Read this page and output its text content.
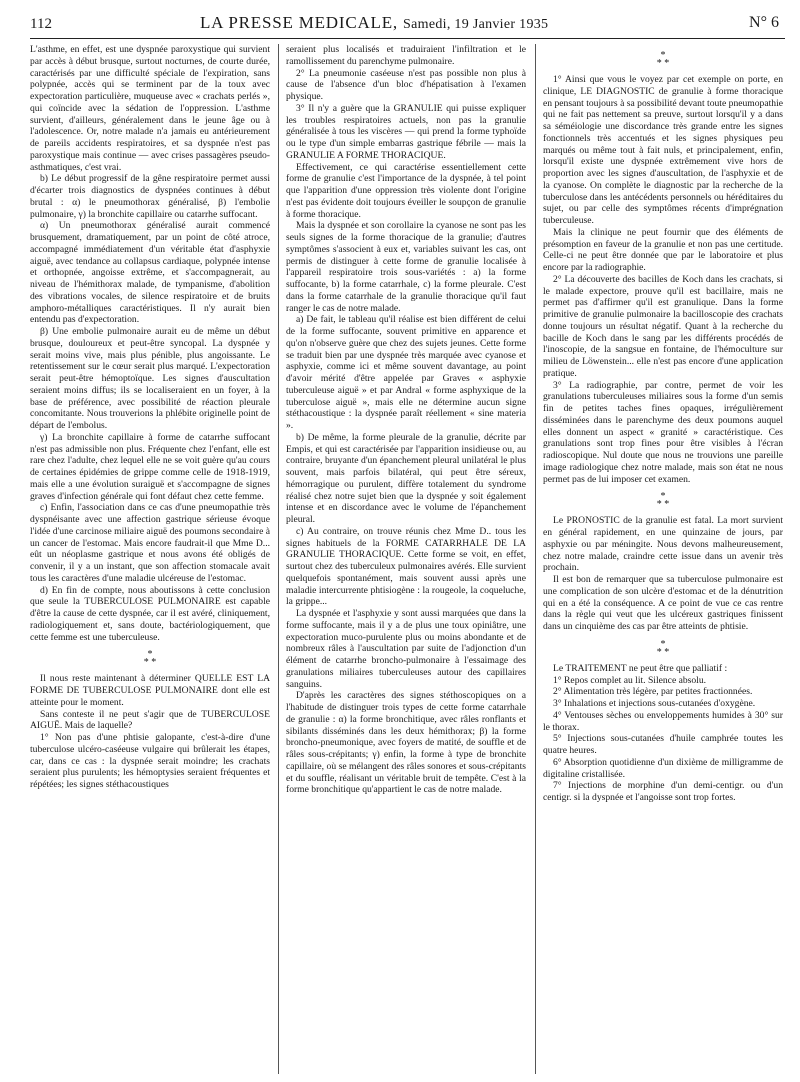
112	LA PRESSE MEDICALE, Samedi, 19 Janvier 1935	N° 6

L'asthme, en effet, est une dyspnée paroxystique qui survient par accès à début brusque, surtout nocturnes, de courte durée, caractérisés par une difficulté spéciale de l'expiration, sans polypnée, accès qui se terminent par de la toux avec expectoration particulière, muqueuse avec « crachats perlés », qui coïncide avec la sédation de l'oppression. L'asthme survient, d'ailleurs, généralement dans le jeune âge ou à l'adolescence. Or, notre malade n'a jamais eu antérieurement de pareils accidents respiratoires, et sa dyspnée n'est pas paroxystique mais continue — avec crises passagères pseudo-asthmatiques, c'est vrai.

b) Le début progressif de la gêne respiratoire permet aussi d'écarter trois diagnostics de dyspnées continues à début brutal : α) le pneumothorax généralisé, β) l'embolie pulmonaire, γ) la bronchite capillaire ou catarrhe suffocant.

α) Un pneumothorax généralisé aurait commencé brusquement, dramatiquement, par un point de côté atroce, accompagné immédiatement d'un véritable état d'asphyxie aiguë, avec tendance au collapsus cardiaque, polypnée intense et orthopnée, angoisse extrême, et s'accompagnerait, au niveau de l'hémithorax malade, de tympanisme, d'abolition des vibrations vocales, de silence respiratoire et de bruits amphoro-métalliques caractéristiques. Il n'y aurait bien entendu pas d'expectoration.

β) Une embolie pulmonaire aurait eu de même un début brusque, douloureux et peut-être syncopal. La dyspnée y serait moins vive, mais plus pénible, plus angoissante. Le retentissement sur le cœur serait plus marqué. L'expectoration serait peut-être hémoptoïque. Les signes d'auscultation seraient moins diffus; ils se localiseraient en un foyer, à la base de préférence, avec possibilité de réaction pleurale concomitante. Nous trouverions la phlébite originelle point de départ de l'embolus.

γ) La bronchite capillaire à forme de catarrhe suffocant n'est pas admissible non plus. Fréquente chez l'enfant, elle est rare chez l'adulte, chez lequel elle ne se voit guère qu'au cours de certaines épidémies de grippe comme celle de 1918-1919, mais elle a une évolution suraiguë et s'accompagne de signes graves d'infection générale qui font défaut chez cette femme.

c) Enfin, l'association dans ce cas d'une pneumopathie très dyspnéisante avec une affection gastrique sérieuse évoque l'idée d'une carcinose miliaire aiguë des poumons secondaire à un cancer de l'estomac. Mais encore faudrait-il que Mme D... eût un néoplasme gastrique et nous avons été obligés de convenir, il y a un instant, que son affection stomacale avait tous les caractères d'une maladie ulcéreuse de l'estomac.

d) En fin de compte, nous aboutissons à cette conclusion que seule la TUBERCULOSE PULMONAIRE est capable d'être la cause de cette dyspnée, car il est avéré, cliniquement, radiologiquement et, sans doute, bactériologiquement, que cette femme est une tuberculeuse.

*
* *

Il nous reste maintenant à déterminer QUELLE EST LA FORME DE TUBERCULOSE PULMONAIRE dont elle est atteinte pour le moment.

Sans conteste il ne peut s'agir que de TUBERCULOSE AIGUË. Mais de laquelle?

1° Non pas d'une phtisie galopante, c'est-à-dire d'une tuberculose ulcéro-caséeuse vulgaire qui brûlerait les étapes, car, dans ce cas : la dyspnée serait moindre; les crachats seraient plus purulents; les hémoptysies seraient fréquentes et répétées; les signes stéthacoustiques

seraient plus localisés et traduiraient l'infiltration et le ramollissement du parenchyme pulmonaire.

2° La pneumonie caséeuse n'est pas possible non plus à cause de l'absence d'un bloc d'hépatisation à l'examen physique.

3° Il n'y a guère que la GRANULIE qui puisse expliquer les troubles respiratoires actuels, non pas la granulie généralisée à tous les viscères — qui prend la forme typhoïde ou le type d'un simple embarras gastrique fébrile — mais la GRANULIE A FORME THORACIQUE.

Effectivement, ce qui caractérise essentiellement cette forme de granulie c'est l'importance de la dyspnée, à tel point que l'apparition d'une oppression très violente dont l'origine n'est pas évidente doit toujours éveiller le soupçon de granulie à forme thoracique.

Mais la dyspnée et son corollaire la cyanose ne sont pas les seuls signes de la forme thoracique de la granulie; d'autres symptômes s'associent à eux et, variables suivant les cas, ont permis de distinguer à cette forme de granulie localisée à l'appareil respiratoire trois sous-variétés : a) la forme suffocante, b) la forme catarrhale, c) la forme pleurale. C'est dans la forme catarrhale de la granulie thoracique qu'il faut ranger le cas de notre malade.

a) De fait, le tableau qu'il réalise est bien différent de celui de la forme suffocante, souvent primitive en apparence et qu'on n'observe guère que chez des sujets jeunes. Cette forme se traduit bien par une dyspnée très marquée avec cyanose et asphyxie, comme ici et même souvent davantage, au point d'avoir mérité d'être appelée par Graves « asphyxie tuberculeuse aiguë » et par Andral « forme asphyxique de la tuberculose aiguë », mais elle ne détermine aucun signe stéthacoustique : la dyspnée paraît réellement « sine materia ».

b) De même, la forme pleurale de la granulie, décrite par Empis, et qui est caractérisée par l'apparition insidieuse ou, au contraire, bruyante d'un épanchement pleural unilatéral le plus souvent, mais parfois bilatéral, qui peut être séreux, hémorragique ou purulent, diffère totalement du syndrome réalisé chez notre sujet bien que la dyspnée y soit également intense et en discordance avec le volume de l'épanchement pleural.

c) Au contraire, on trouve réunis chez Mme D.. tous les signes habituels de la FORME CATARRHALE DE LA GRANULIE THORACIQUE. Cette forme se voit, en effet, surtout chez des tuberculeux pulmonaires avérés. Elle survient quelquefois spontanément, mais souvent aussi après une maladie intercurrente phtisiogène : la rougeole, la coqueluche, la grippe...

La dyspnée et l'asphyxie y sont aussi marquées que dans la forme suffocante, mais il y a de plus une toux opiniâtre, une expectoration muco-purulente plus ou moins abondante et de nombreux râles à l'auscultation par suite de l'adjonction d'un élément de catarrhe broncho-pulmonaire à l'essaimage des granulations miliaires tuberculeuses autour des capillaires sanguins.

D'après les caractères des signes stéthoscopiques on a l'habitude de distinguer trois types de cette forme catarrhale de granulie : α) la forme bronchitique, avec râles ronflants et sibilants disséminés dans les deux hémithorax; β) la forme broncho-pneumonique, avec foyers de matité, de souffle et de râles sous-crépitants; γ) enfin, la forme à type de bronchite capillaire, où se mélangent des râles sonores et sous-crépitants et du souffle, réalisant un véritable bruit de tempête. C'est à la forme bronchitique qu'appartient le cas de notre malade.

*
* *

1° Ainsi que vous le voyez par cet exemple on porte, en clinique, LE DIAGNOSTIC de granulie à forme thoracique en pensant toujours à sa possibilité devant toute pneumopathie qui ne fait pas nettement sa preuve, surtout lorsqu'il y a dans sa séméiologie une discordance très grande entre les signes fonctionnels très accentués et les signes physiques peu marqués ou même tout à fait nuls, et principalement, enfin, lorsqu'il existe une dyspnée extrêmement vive hors de proportion avec les signes d'auscultation, de l'asphyxie et de la cyanose. On complète le diagnostic par la recherche de la tuberculose dans les antécédents personnels ou héréditaires du sujet, ou par celle des symptômes récents d'imprégnation tuberculeuse.

Mais la clinique ne peut fournir que des éléments de présomption en faveur de la granulie et non pas une certitude. Celle-ci ne peut être donnée que par le laboratoire et plus encore par la radiographie.

2° La découverte des bacilles de Koch dans les crachats, si le malade expectore, prouve qu'il est bacillaire, mais ne permet pas d'affirmer qu'il est granulique. Dans la forme primitive de granulie pulmonaire la bacilloscopie des crachats donne toujours un résultat négatif. Quant à la recherche du bacille de Koch dans le sang par les différents procédés de l'inoscopie, de la sangsue en fontaine, de l'hémoculture sur milieu de Löwenstein... elle n'est pas encore d'une application pratique.

3° La radiographie, par contre, permet de voir les granulations tuberculeuses miliaires sous la forme d'un semis fin de petites taches fines opaques, irrégulièrement disséminées dans le parenchyme des deux poumons auquel elles donnent un aspect « granité » caractéristique. Ces granulations sont trop fines pour être visibles à l'écran radioscopique. Nul doute que nous ne trouvions une pareille image radiologique chez notre malade, mais son état ne nous permet pas de lui imposer cet examen.

*
* *

Le PRONOSTIC de la granulie est fatal. La mort survient en général rapidement, en une quinzaine de jours, par asphyxie ou par méningite. Nous devons malheureusement, chez notre malade, craindre cette issue dans un avenir très prochain.

Il est bon de remarquer que sa tuberculose pulmonaire est une complication de son ulcère d'estomac et de la dénutrition qui en a été la conséquence. A ce point de vue ce cas rentre dans la règle qui veut que les ulcéreux gastriques finissent dans un cinquième des cas par être atteints de phtisie.

*
* *

Le TRAITEMENT ne peut être que palliatif :

1° Repos complet au lit. Silence absolu.

2° Alimentation très légère, par petites fractionnées.

3° Inhalations et injections sous-cutanées d'oxygène.

4° Ventouses sèches ou enveloppements humides à 30° sur le thorax.

5° Injections sous-cutanées d'huile camphrée toutes les quatre heures.

6° Absorption quotidienne d'un dixième de milligramme de digitaline cristallisée.

7° Injections de morphine d'un demi-centigr. ou d'un centigr. si la dyspnée et l'angoisse sont trop fortes.
